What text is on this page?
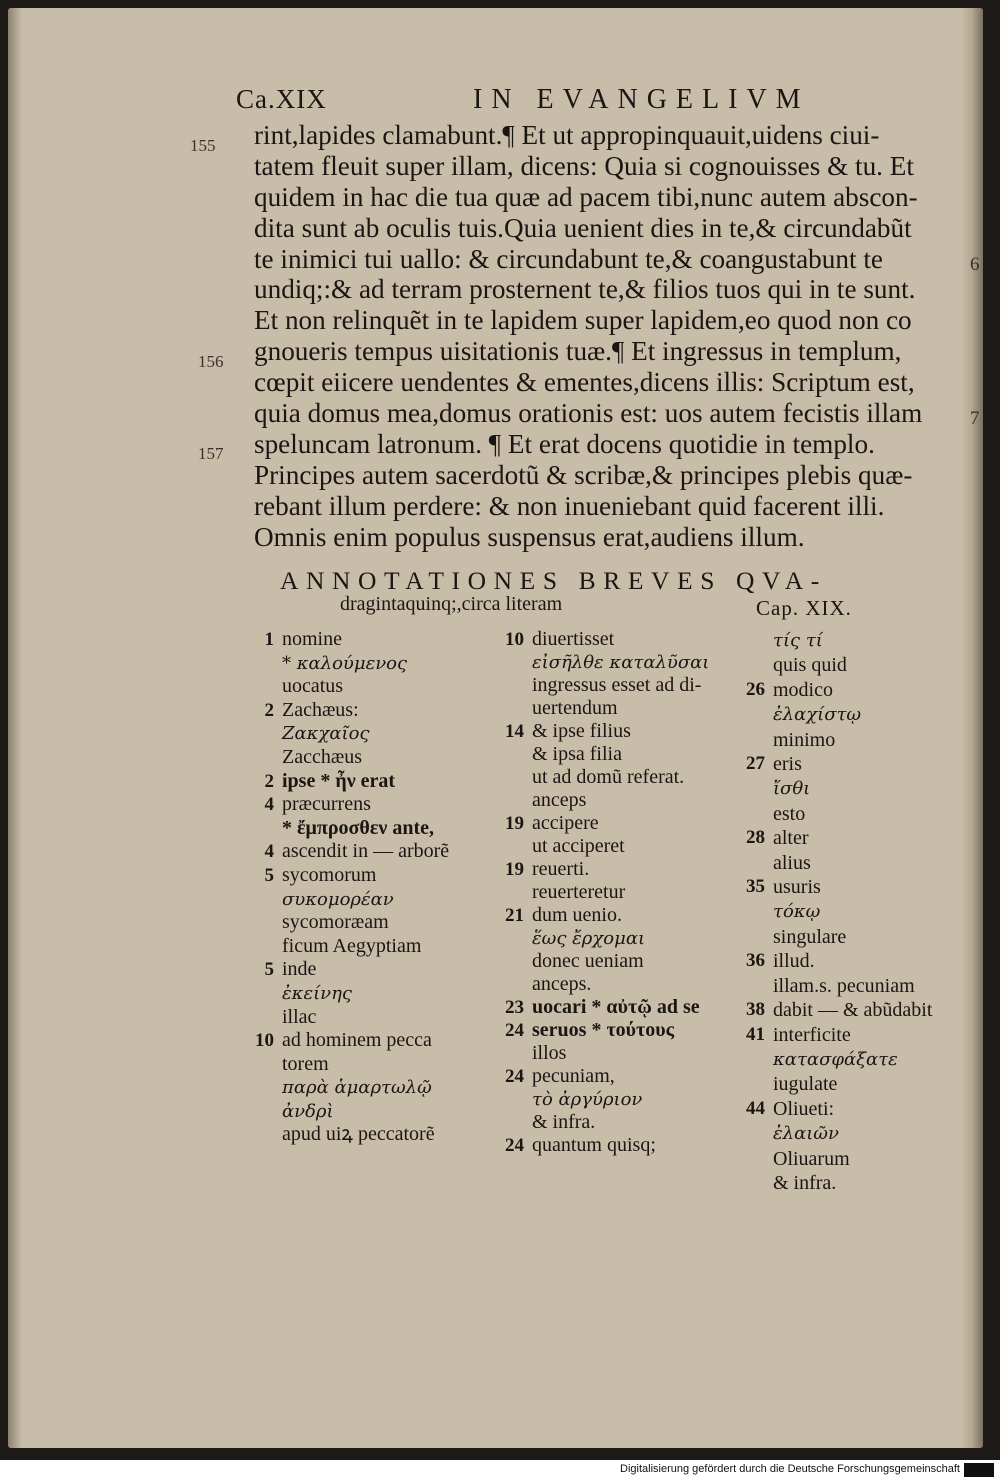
Ca.XIX	IN EVANGELIVM
rint,lapides clamabunt.¶ Et ut appropinquauit,uidens ciui-
tatem fleuit super illam, dicens: Quia si cognouisses & tu. Et
quidem in hac die tua quæ ad pacem tibi,nunc autem abscon-
dita sunt ab oculis tuis.Quia uenient dies in te,& circundabũt
te inimici tui uallo: & circundabunt te,& coangustabunt te
undiq;:& ad terram prosternent te,& filios tuos qui in te sunt.
Et non relinquẽt in te lapidem super lapidem,eo quod non co
gnoueris tempus uisitationis tuæ.¶ Et ingressus in templum,
cœpit eiicere uendentes & ementes,dicens illis: Scriptum est,
quia domus mea,domus orationis est: uos autem fecistis illam
speluncam latronum. ¶ Et erat docens quotidie in templo.
Principes autem sacerdotũ & scribæ,& principes plebis quæ-
rebant illum perdere: & non inueniebant quid facerent illi.
Omnis enim populus suspensus erat,audiens illum.
155
156
157
6
7
ANNOTATIONES BREVES QVA-
dragintaquinq;,circa literam	Cap. XIX.
1 nomine
* καλούμενος
uocatus
2 Zachæus:
Ζακχαῖος
Zacchæus
2 ipse * ἦν erat
4 præcurrens
* ἔμπροσθεν ante,
4 ascendit in — arborẽ
5 sycomorum
συκομορέαν
sycomoræam
ficum Aegyptiam
5 inde
ἐκείνης
illac
10 ad hominem pecca
torem
παρὰ ἁμαρτωλῷ
ἀνδρὶ
apud uiꝝ peccatorẽ
10 diuertisset
εἰσῆλθε καταλῦσαι
ingressus esset ad di-
uertendum
14 & ipse filius
& ipsa filia
ut ad domũ referat.
anceps
19 accipere
ut acciperet
19 reuerti.
reuerteretur
21 dum uenio.
ἕως ἔρχομαι
donec ueniam
anceps.
23 uocari * αὐτῷ ad se
24 seruos * τούτους
illos
24 pecuniam,
τὸ ἀργύριον
& infra.
24 quantum quisq;
τίς τί
quis quid
26 modico
ἐλαχίστῳ
minimo
27 eris
ἴσθι
esto
28 alter
alius
35 usuris
τόκῳ
singulare
36 illud.
illam.s. pecuniam
38 dabit — & abũdabit
41 interficite
κατασφάξατε
iugulate
44 Oliueti:
ἐλαιῶν
Oliuarum
& infra.
Digitalisierung gefördert durch die Deutsche Forschungsgemeinschaft
